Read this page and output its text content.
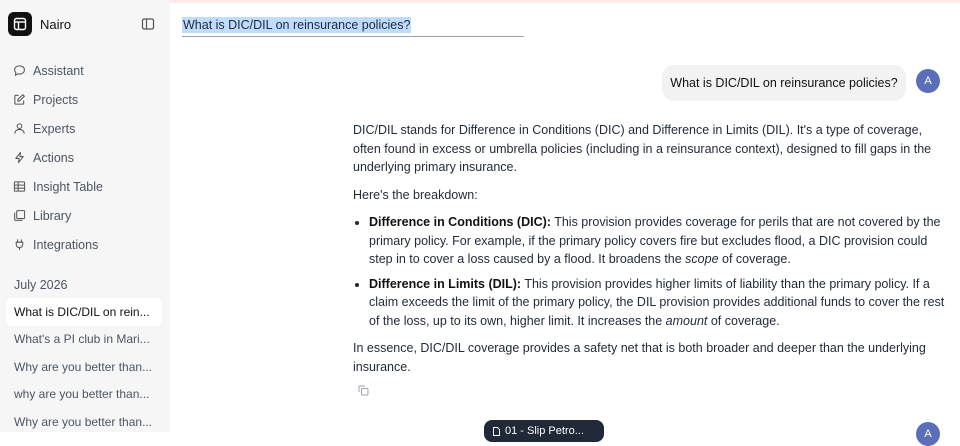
Nairo
Assistant
Projects
Experts
Actions
Insight Table
Library
Integrations
July 2026
What is DIC/DIL on rein...
What's a PI club in Mari...
Why are you better than...
why are you better than...
Why are you better than...
What is DIC/DIL on reinsurance policies?
What is DIC/DIL on reinsurance policies?	A

DIC/DIL stands for Difference in Conditions (DIC) and Difference in Limits (DIL). It's a type of coverage, often found in excess or umbrella policies (including in a reinsurance context), designed to fill gaps in the underlying primary insurance.

Here's the breakdown:

• Difference in Conditions (DIC): This provision provides coverage for perils that are not covered by the primary policy. For example, if the primary policy covers fire but excludes flood, a DIC provision could step in to cover a loss caused by a flood. It broadens the scope of coverage.
• Difference in Limits (DIL): This provision provides higher limits of liability than the primary policy. If a claim exceeds the limit of the primary policy, the DIL provision provides additional funds to cover the rest of the loss, up to its own, higher limit. It increases the amount of coverage.

In essence, DIC/DIL coverage provides a safety net that is both broader and deeper than the underlying insurance.

01 - Slip Petro...	A
